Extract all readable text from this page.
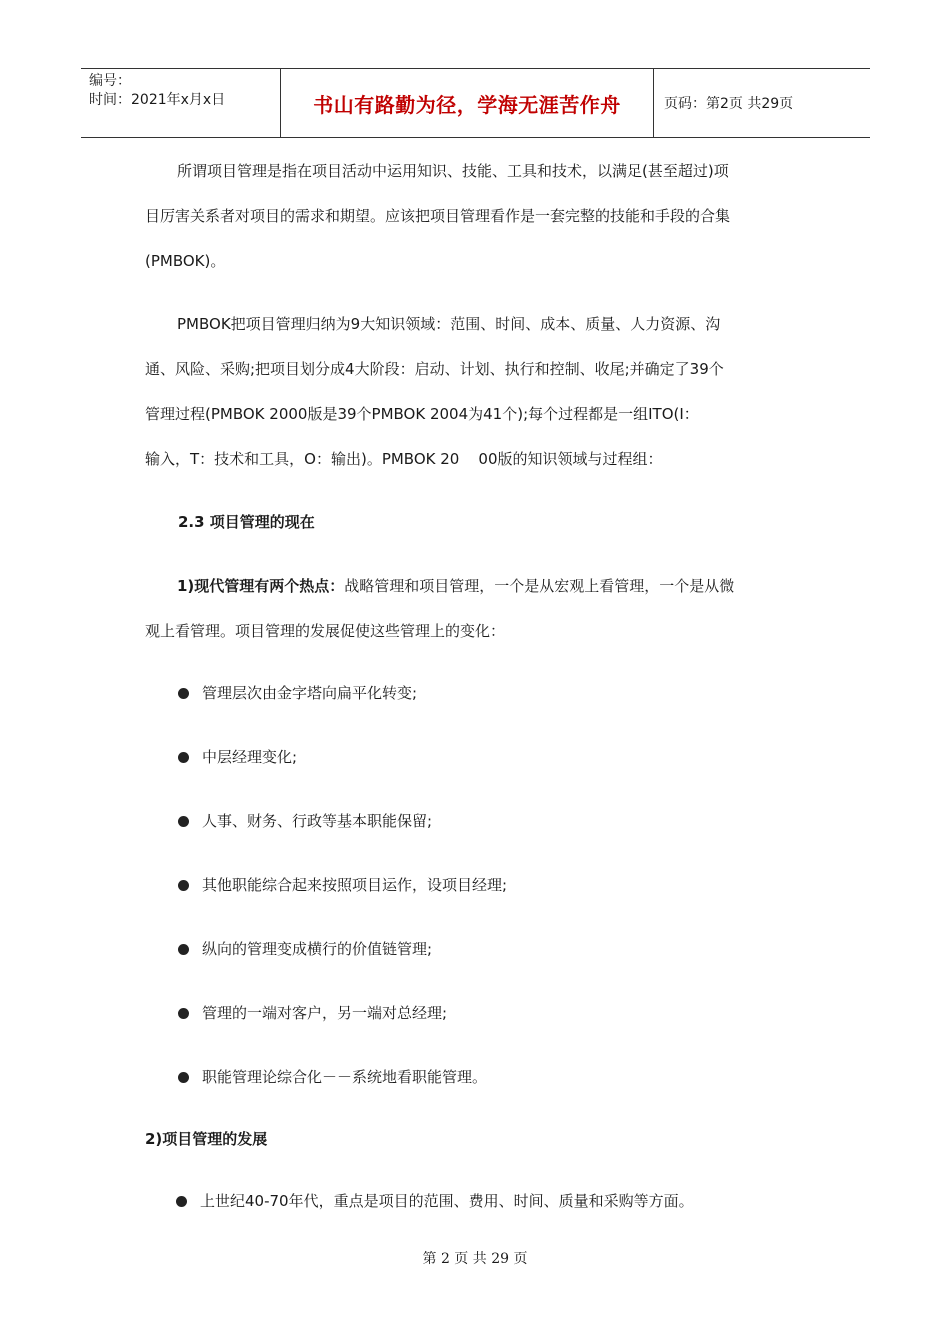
编号：
时间：2021年x月x日	书山有路勤为径，学海无涯苦作舟	页码：第2页 共29页

所谓项目管理是指在项目活动中运用知识、技能、工具和技术，以满足(甚至超过)项
目厉害关系者对项目的需求和期望。应该把项目管理看作是一套完整的技能和手段的合集
(PMBOK)。

PMBOK把项目管理归纳为9大知识领域：范围、时间、成本、质量、人力资源、沟
通、风险、采购;把项目划分成4大阶段：启动、计划、执行和控制、收尾;并确定了39个
管理过程(PMBOK 2000版是39个PMBOK 2004为41个);每个过程都是一组ITO(I：
输入，T：技术和工具，O：输出)。PMBOK 20    00版的知识领域与过程组：

2.3 项目管理的现在

1)现代管理有两个热点：战略管理和项目管理，一个是从宏观上看管理，一个是从微
观上看管理。项目管理的发展促使这些管理上的变化：

管理层次由金字塔向扁平化转变;
中层经理变化;
人事、财务、行政等基本职能保留;
其他职能综合起来按照项目运作，设项目经理;
纵向的管理变成横行的价值链管理;
管理的一端对客户，另一端对总经理;
职能管理论综合化－－系统地看职能管理。
2)项目管理的发展
上世纪40-70年代，重点是项目的范围、费用、时间、质量和采购等方面。
第 2 页 共 29 页
